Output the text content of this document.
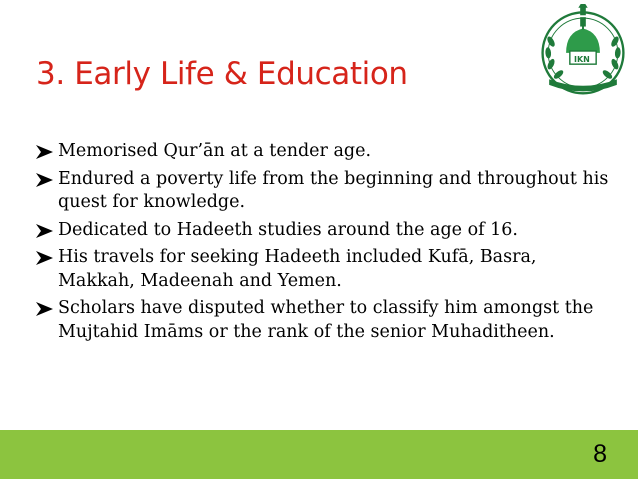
3. Early Life & Education	IKN
Memorised Qur’ān at a tender age.
Endured a poverty life from the beginning and throughout his quest for knowledge.
Dedicated to Hadeeth studies around the age of 16.
His travels for seeking Hadeeth included Kufā, Basra, Makkah, Madeenah and Yemen.
Scholars have disputed whether to classify him amongst the Mujtahid Imāms or the rank of the senior Muhaditheen.
8
